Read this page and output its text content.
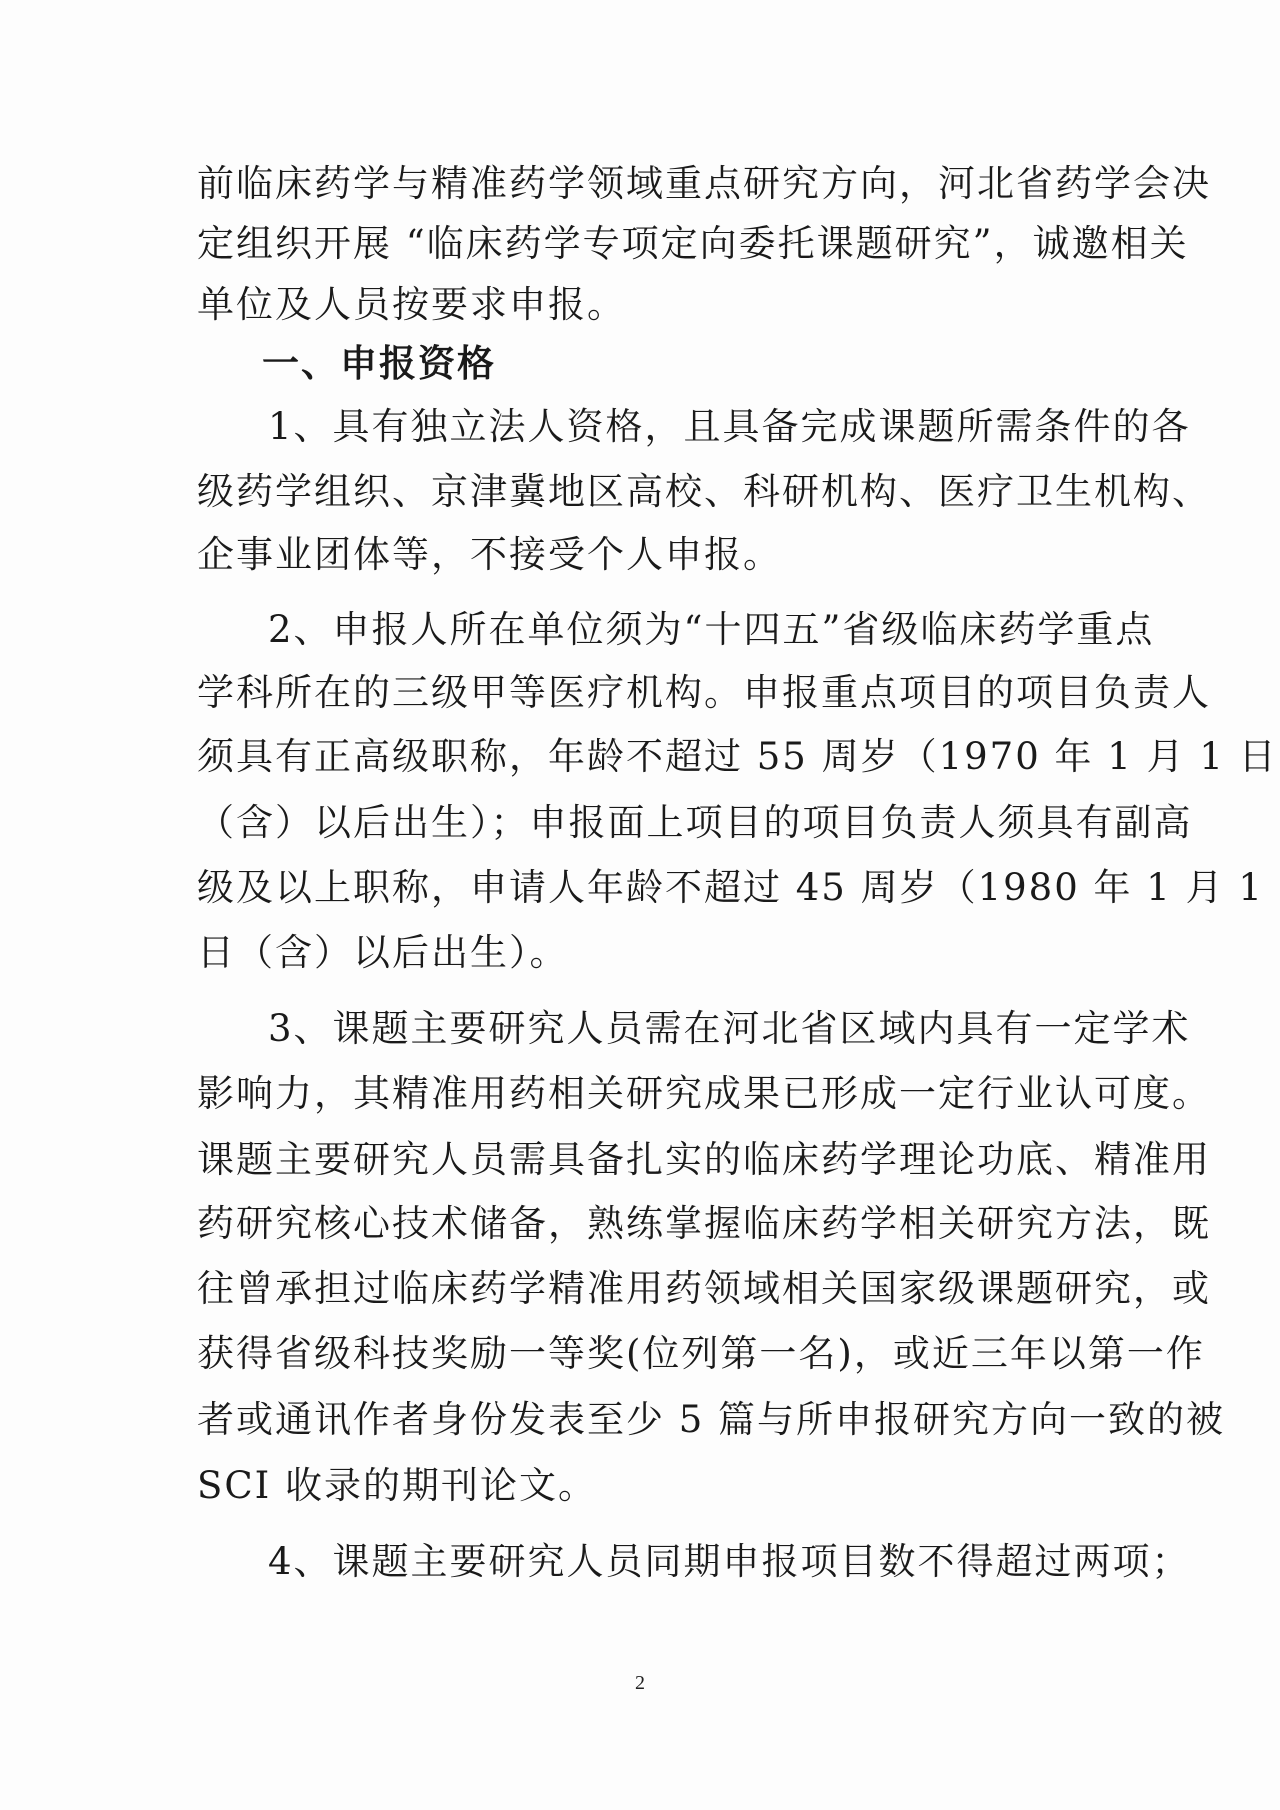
前临床药学与精准药学领域重点研究方向，河北省药学会决
定组织开展 “临床药学专项定向委托课题研究”，诚邀相关
单位及人员按要求申报。
一、申报资格
1、具有独立法人资格，且具备完成课题所需条件的各
级药学组织、京津冀地区高校、科研机构、医疗卫生机构、
企事业团体等，不接受个人申报。
2、申报人所在单位须为“十四五”省级临床药学重点
学科所在的三级甲等医疗机构。申报重点项目的项目负责人
须具有正高级职称，年龄不超过 55 周岁（1970 年 1 月 1 日
（含）以后出生）；申报面上项目的项目负责人须具有副高
级及以上职称，申请人年龄不超过 45 周岁（1980 年 1 月 1
日（含）以后出生）。
3、课题主要研究人员需在河北省区域内具有一定学术
影响力，其精准用药相关研究成果已形成一定行业认可度。
课题主要研究人员需具备扎实的临床药学理论功底、精准用
药研究核心技术储备，熟练掌握临床药学相关研究方法，既
往曾承担过临床药学精准用药领域相关国家级课题研究，或
获得省级科技奖励一等奖(位列第一名)，或近三年以第一作
者或通讯作者身份发表至少 5 篇与所申报研究方向一致的被
SCI 收录的期刊论文。
4、课题主要研究人员同期申报项目数不得超过两项；
2
